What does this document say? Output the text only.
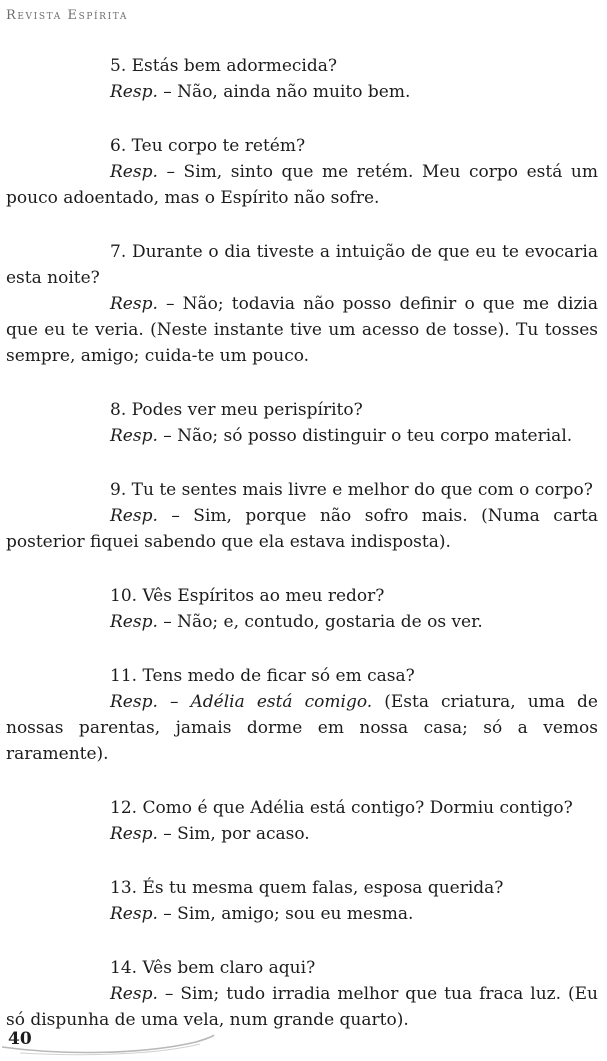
Revista Espírita

5. Estás bem adormecida?

Resp. – Não, ainda não muito bem.

6. Teu corpo te retém?

Resp. – Sim, sinto que me retém. Meu corpo está um pouco adoentado, mas o Espírito não sofre.

7. Durante o dia tiveste a intuição de que eu te evocaria esta noite?

Resp. – Não; todavia não posso definir o que me dizia que eu te veria. (Neste instante tive um acesso de tosse). Tu tosses sempre, amigo; cuida-te um pouco.

8. Podes ver meu perispírito?

Resp. – Não; só posso distinguir o teu corpo material.

9. Tu te sentes mais livre e melhor do que com o corpo?

Resp. – Sim, porque não sofro mais. (Numa carta posterior fiquei sabendo que ela estava indisposta).

10. Vês Espíritos ao meu redor?

Resp. – Não; e, contudo, gostaria de os ver.

11. Tens medo de ficar só em casa?

Resp. – Adélia está comigo. (Esta criatura, uma de nossas parentas, jamais dorme em nossa casa; só a vemos raramente).

12. Como é que Adélia está contigo? Dormiu contigo?

Resp. – Sim, por acaso.

13. És tu mesma quem falas, esposa querida?

Resp. – Sim, amigo; sou eu mesma.

14. Vês bem claro aqui?

Resp. – Sim; tudo irradia melhor que tua fraca luz. (Eu só dispunha de uma vela, num grande quarto).

40
